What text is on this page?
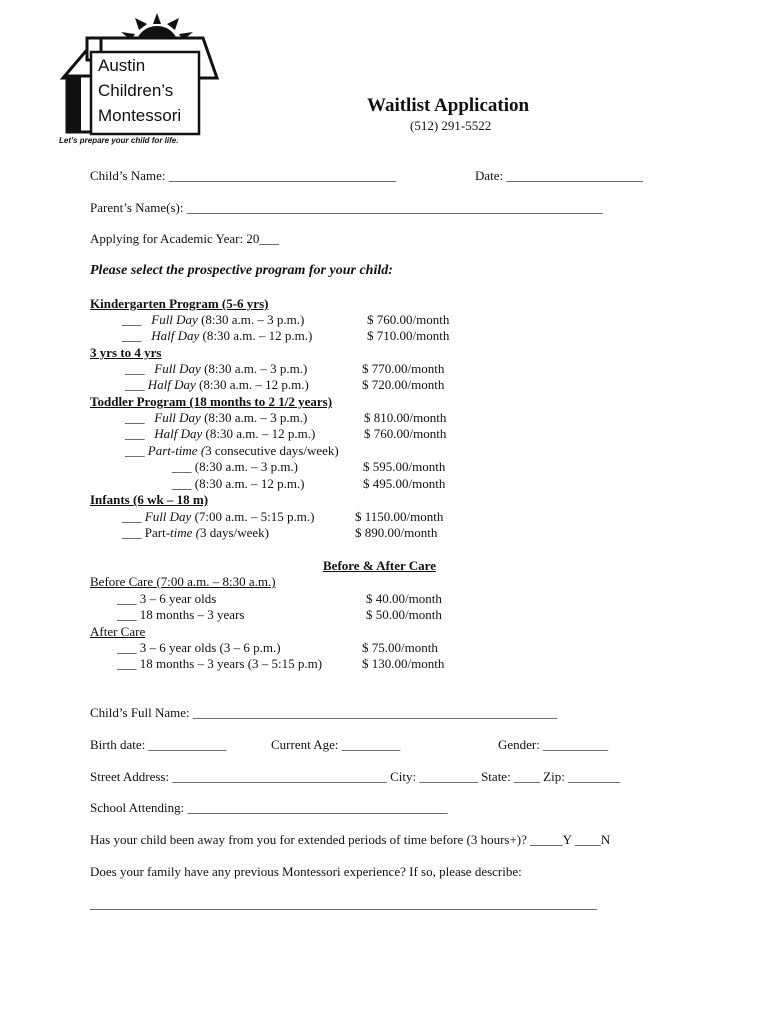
Austin
Children’s
Montessori
Let’s prepare your child for life.
Waitlist Application
(512) 291-5522
Child’s Name: ___________________________________	Date: _____________________
Parent’s Name(s): ________________________________________________________________
Applying for Academic Year: 20___
Please select the prospective program for your child:
Kindergarten Program (5-6 yrs)
___ Full Day (8:30 a.m. – 3 p.m.)	$ 760.00/month
___ Half Day (8:30 a.m. – 12 p.m.)	$ 710.00/month
3 yrs to 4 yrs
___ Full Day (8:30 a.m. – 3 p.m.)	$ 770.00/month
___ Half Day (8:30 a.m. – 12 p.m.)	$ 720.00/month
Toddler Program (18 months to 2 1/2 years)
___ Full Day (8:30 a.m. – 3 p.m.)	$ 810.00/month
___ Half Day (8:30 a.m. – 12 p.m.)	$ 760.00/month
___ Part-time (3 consecutive days/week)
___ (8:30 a.m. – 3 p.m.)	$ 595.00/month
___ (8:30 a.m. – 12 p.m.)	$ 495.00/month
Infants (6 wk – 18 m)
___ Full Day (7:00 a.m. – 5:15 p.m.)	$ 1150.00/month
___ Part-time (3 days/week)	$ 890.00/month
Before & After Care
Before Care (7:00 a.m. – 8:30 a.m.)
___ 3 – 6 year olds	$ 40.00/month
___ 18 months – 3 years	$ 50.00/month
After Care
___ 3 – 6 year olds (3 – 6 p.m.)	$ 75.00/month
___ 18 months – 3 years (3 – 5:15 p.m)	$ 130.00/month
Child’s Full Name: ________________________________________________________
Birth date: ____________	Current Age: _________	Gender: __________
Street Address: _________________________________ City: _________ State: ____ Zip: ________
School Attending: ________________________________________
Has your child been away from you for extended periods of time before (3 hours+)? _____Y ____N
Does your family have any previous Montessori experience? If so, please describe:
______________________________________________________________________________
